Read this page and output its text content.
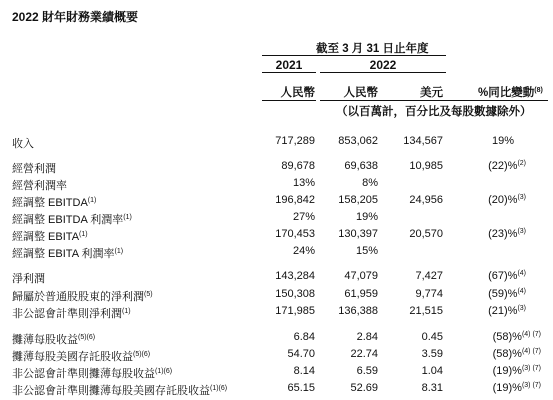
2022 財年財務業績概要
截至 3 月 31 日止年度
2021	2022
人民幣 人民幣	美元	%同比變動$^{(8)}$
（以百萬計，百分比及每股數據除外）
收入	717,289 853,062 134,567	19%
經營利潤	89,678	69,638	10,985	(22)%$^{(2)}$
經營利潤率	13%	8%
經調整 EBITDA$^{(1)}$	196,842 158,205	24,956	(20)%$^{(3)}$
經調整 EBITDA 利潤率$^{(1)}$	27%	19%
經調整 EBITA$^{(1)}$	170,453 130,397	20,570	(23)%$^{(3)}$
經調整 EBITA 利潤率$^{(1)}$	24%	15%
淨利潤	143,284	47,079	7,427	(67)%$^{(4)}$
歸屬於普通股股東的淨利潤$^{(5)}$	150,308	61,959	9,774	(59)%$^{(4)}$
非公認會計準則淨利潤$^{(1)}$	171,985 136,388	21,515	(21)%$^{(3)}$
攤薄每股收益$^{(5)(6)}$	6.84	2.84	0.45	(58)%$^{(4) (7)}$
攤薄每股美國存託股收益$^{(5)(6)}$	54.70	22.74	3.59	(58)%$^{(4) (7)}$
非公認會計準則攤薄每股收益$^{(1)(6)}$	8.14	6.59	1.04	(19)%$^{(3) (7)}$
非公認會計準則攤薄每股美國存託股收益$^{(1)(6)}$	65.15	52.69	8.31	(19)%$^{(3) (7)}$
